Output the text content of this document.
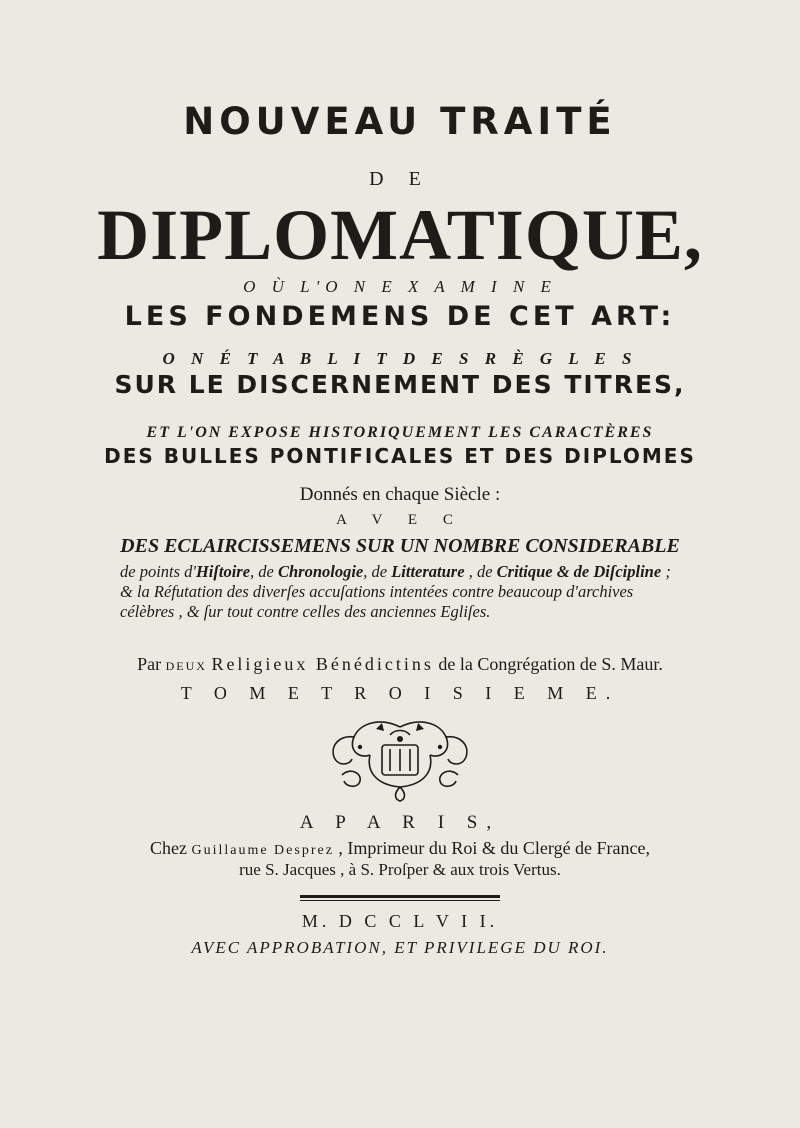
NOUVEAU TRAITÉ
D E
DIPLOMATIQUE,
O Ù L'O N E X A M I N E
LES FONDEMENS DE CET ART:
O N É T A B L I T D E S R È G L E S
SUR LE DISCERNEMENT DES TITRES,
ET L'ON EXPOSE HISTORIQUEMENT LES CARACTÈRES
DES BULLES PONTIFICALES ET DES DIPLOMES
Donnés en chaque Siècle :
A V E C
DES ECLAIRCISSEMENS SUR UN NOMBRE CONSIDERABLE
de points d'Hiſtoire, de Chronologie, de Litterature , de Critique & de Diſcipline ; & la Réfutation des diverſes accuſations intentées contre beaucoup d'archives célèbres , & ſur tout contre celles des anciennes Egliſes.
Par DEUX Religieux Bénédictins de la Congrégation de S. Maur.
T O M E T R O I S I E M E.
A P A R I S,
Chez Guillaume Desprez , Imprimeur du Roi & du Clergé de France,
rue S. Jacques , à S. Proſper & aux trois Vertus.
M. D C C L V I I.
AVEC APPROBATION, ET PRIVILEGE DU ROI.
